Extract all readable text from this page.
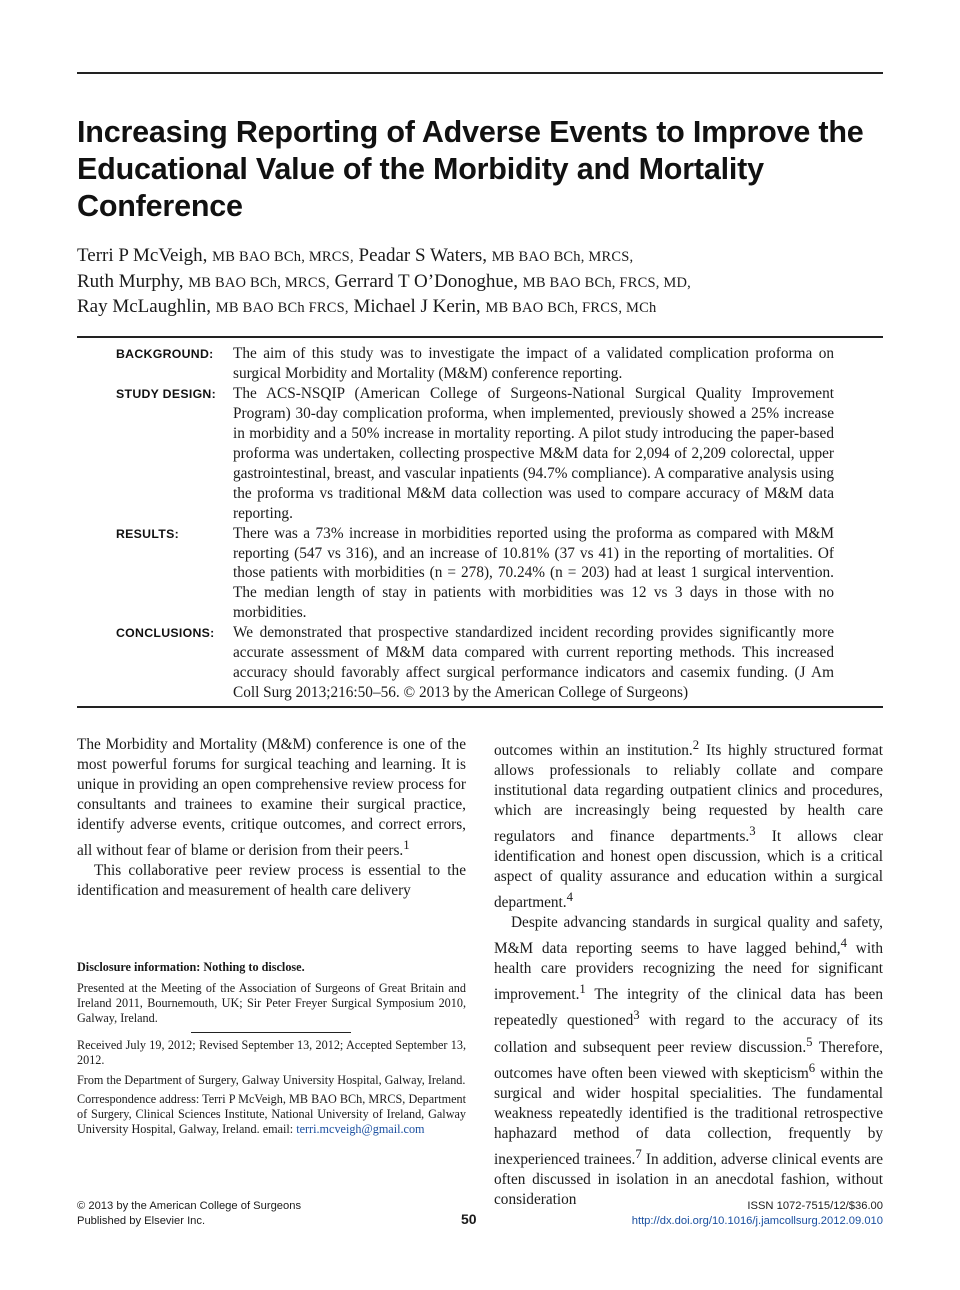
Increasing Reporting of Adverse Events to Improve the Educational Value of the Morbidity and Mortality Conference
Terri P McVeigh, MB BAO BCh, MRCS, Peadar S Waters, MB BAO BCh, MRCS,
Ruth Murphy, MB BAO BCh, MRCS, Gerrard T O’Donoghue, MB BAO BCh, FRCS, MD,
Ray McLaughlin, MB BAO BCh FRCS, Michael J Kerin, MB BAO BCh, FRCS, MCh
BACKGROUND:	The aim of this study was to investigate the impact of a validated complication proforma on surgical Morbidity and Mortality (M&M) conference reporting.
STUDY DESIGN:	The ACS-NSQIP (American College of Surgeons-National Surgical Quality Improvement Program) 30-day complication proforma, when implemented, previously showed a 25% increase in morbidity and a 50% increase in mortality reporting. A pilot study introducing the paper-based proforma was undertaken, collecting prospective M&M data for 2,094 of 2,209 colorectal, upper gastrointestinal, breast, and vascular inpatients (94.7% compliance). A comparative analysis using the proforma vs traditional M&M data collection was used to compare accuracy of M&M data reporting.
RESULTS:	There was a 73% increase in morbidities reported using the proforma as compared with M&M reporting (547 vs 316), and an increase of 10.81% (37 vs 41) in the reporting of mortalities. Of those patients with morbidities (n = 278), 70.24% (n = 203) had at least 1 surgical intervention. The median length of stay in patients with morbidities was 12 vs 3 days in those with no morbidities.
CONCLUSIONS:	We demonstrated that prospective standardized incident recording provides significantly more accurate assessment of M&M data compared with current reporting methods. This increased accuracy should favorably affect surgical performance indicators and casemix funding. (J Am Coll Surg 2013;216:50–56. © 2013 by the American College of Surgeons)

The Morbidity and Mortality (M&M) conference is one of the most powerful forums for surgical teaching and learning. It is unique in providing an open comprehensive review process for consultants and trainees to examine their surgical practice, identify adverse events, critique outcomes, and correct errors, all without fear of blame or derision from their peers.$^1$

This collaborative peer review process is essential to the identification and measurement of health care delivery

Disclosure information: Nothing to disclose.

Presented at the Meeting of the Association of Surgeons of Great Britain and Ireland 2011, Bournemouth, UK; Sir Peter Freyer Surgical Symposium 2010, Galway, Ireland.

Received July 19, 2012; Revised September 13, 2012; Accepted September 13, 2012.

From the Department of Surgery, Galway University Hospital, Galway, Ireland.

Correspondence address: Terri P McVeigh, MB BAO BCh, MRCS, Department of Surgery, Clinical Sciences Institute, National University of Ireland, Galway University Hospital, Galway, Ireland. email: terri.mcveigh@gmail.com

outcomes within an institution.$^2$ Its highly structured format allows professionals to reliably collate and compare institutional data regarding outpatient clinics and procedures, which are increasingly being requested by health care regulators and finance departments.$^3$ It allows clear identification and honest open discussion, which is a critical aspect of quality assurance and education within a surgical department.$^4$

Despite advancing standards in surgical quality and safety, M&M data reporting seems to have lagged behind,$^4$ with health care providers recognizing the need for significant improvement.$^1$ The integrity of the clinical data has been repeatedly questioned$^3$ with regard to the accuracy of its collation and subsequent peer review discussion.$^5$ Therefore, outcomes have often been viewed with skepticism$^6$ within the surgical and wider hospital specialities. The fundamental weakness repeatedly identified is the traditional retrospective haphazard method of data collection, frequently by inexperienced trainees.$^7$ In addition, adverse clinical events are often discussed in isolation in an anecdotal fashion, without consideration

© 2013 by the American College of Surgeons
Published by Elsevier Inc.	50
ISSN 1072-7515/12/$36.00
http://dx.doi.org/10.1016/j.jamcollsurg.2012.09.010
